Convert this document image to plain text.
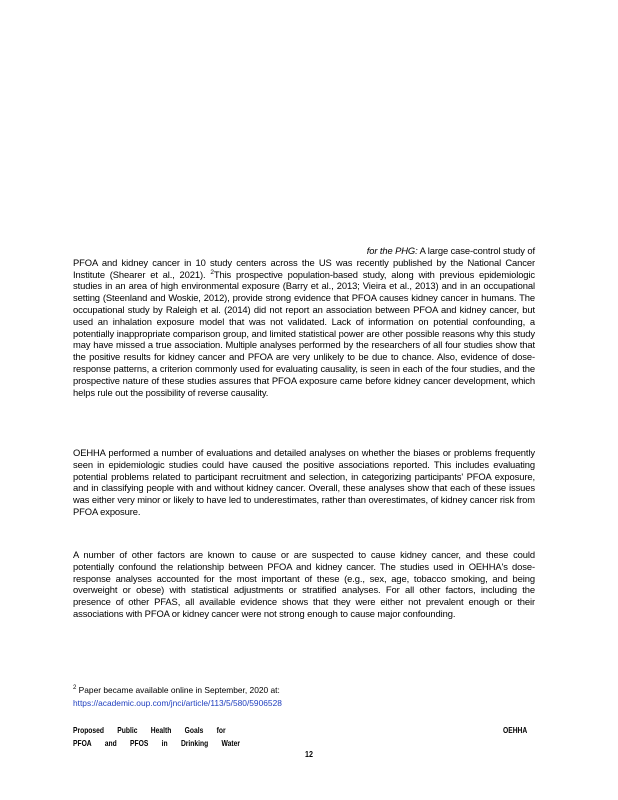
for the PHG: A large case-control study of
PFOA and kidney cancer in 10 study centers across the US was recently published by the National Cancer Institute (Shearer et al., 2021). $^2$This prospective population-based study, along with previous epidemiologic studies in an area of high environmental exposure (Barry et al., 2013; Vieira et al., 2013) and in an occupational setting (Steenland and Woskie, 2012), provide strong evidence that PFOA causes kidney cancer in humans. The occupational study by Raleigh et al. (2014) did not report an association between PFOA and kidney cancer, but used an inhalation exposure model that was not validated. Lack of information on potential confounding, a potentially inappropriate comparison group, and limited statistical power are other possible reasons why this study may have missed a true association. Multiple analyses performed by the researchers of all four studies show that the positive results for kidney cancer and PFOA are very unlikely to be due to chance. Also, evidence of dose-response patterns, a criterion commonly used for evaluating causality, is seen in each of the four studies, and the prospective nature of these studies assures that PFOA exposure came before kidney cancer development, which helps rule out the possibility of reverse causality.

OEHHA performed a number of evaluations and detailed analyses on whether the biases or problems frequently seen in epidemiologic studies could have caused the positive associations reported. This includes evaluating potential problems related to participant recruitment and selection, in categorizing participants' PFOA exposure, and in classifying people with and without kidney cancer. Overall, these analyses show that each of these issues was either very minor or likely to have led to underestimates, rather than overestimates, of kidney cancer risk from PFOA exposure.

A number of other factors are known to cause or are suspected to cause kidney cancer, and these could potentially confound the relationship between PFOA and kidney cancer. The studies used in OEHHA's dose-response analyses accounted for the most important of these (e.g., sex, age, tobacco smoking, and being overweight or obese) with statistical adjustments or stratified analyses. For all other factors, including the presence of other PFAS, all available evidence shows that they were either not prevalent enough or their associations with PFOA or kidney cancer were not strong enough to cause major confounding.

$^2$ Paper became available online in September, 2020 at:
https://academic.oup.com/jnci/article/113/5/580/5906528
Proposed Public Health Goals for
PFOA and PFOS in Drinking Water
OEHHA
12
